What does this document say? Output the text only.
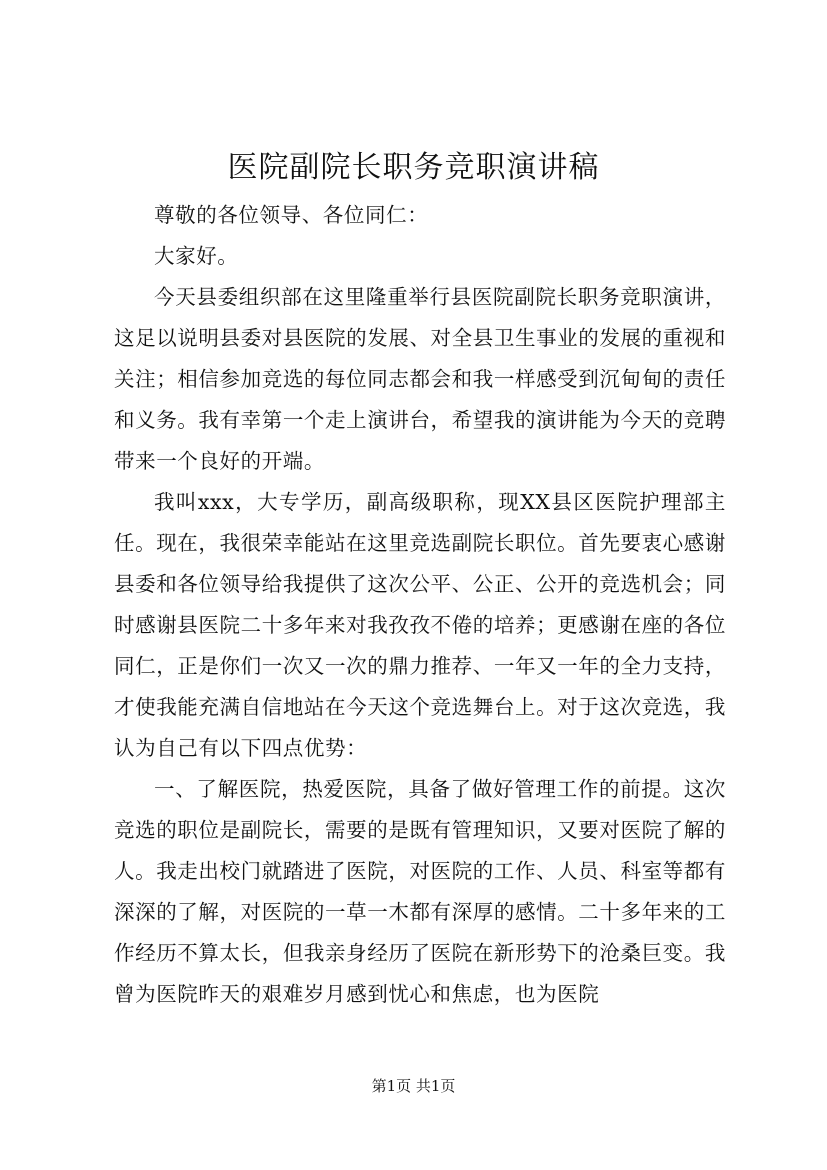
医院副院长职务竞职演讲稿

尊敬的各位领导、各位同仁：

大家好。

今天县委组织部在这里隆重举行县医院副院长职务竞职演讲，这足以说明县委对县医院的发展、对全县卫生事业的发展的重视和关注；相信参加竞选的每位同志都会和我一样感受到沉甸甸的责任和义务。我有幸第一个走上演讲台，希望我的演讲能为今天的竞聘带来一个良好的开端。

我叫xxx，大专学历，副高级职称，现XX县区医院护理部主任。现在，我很荣幸能站在这里竞选副院长职位。首先要衷心感谢县委和各位领导给我提供了这次公平、公正、公开的竞选机会；同时感谢县医院二十多年来对我孜孜不倦的培养；更感谢在座的各位同仁，正是你们一次又一次的鼎力推荐、一年又一年的全力支持，才使我能充满自信地站在今天这个竞选舞台上。对于这次竞选，我认为自己有以下四点优势：

一、了解医院，热爱医院，具备了做好管理工作的前提。这次竞选的职位是副院长，需要的是既有管理知识，又要对医院了解的人。我走出校门就踏进了医院，对医院的工作、人员、科室等都有深深的了解，对医院的一草一木都有深厚的感情。二十多年来的工作经历不算太长，但我亲身经历了医院在新形势下的沧桑巨变。我曾为医院昨天的艰难岁月感到忧心和焦虑，也为医院

第1页 共1页
